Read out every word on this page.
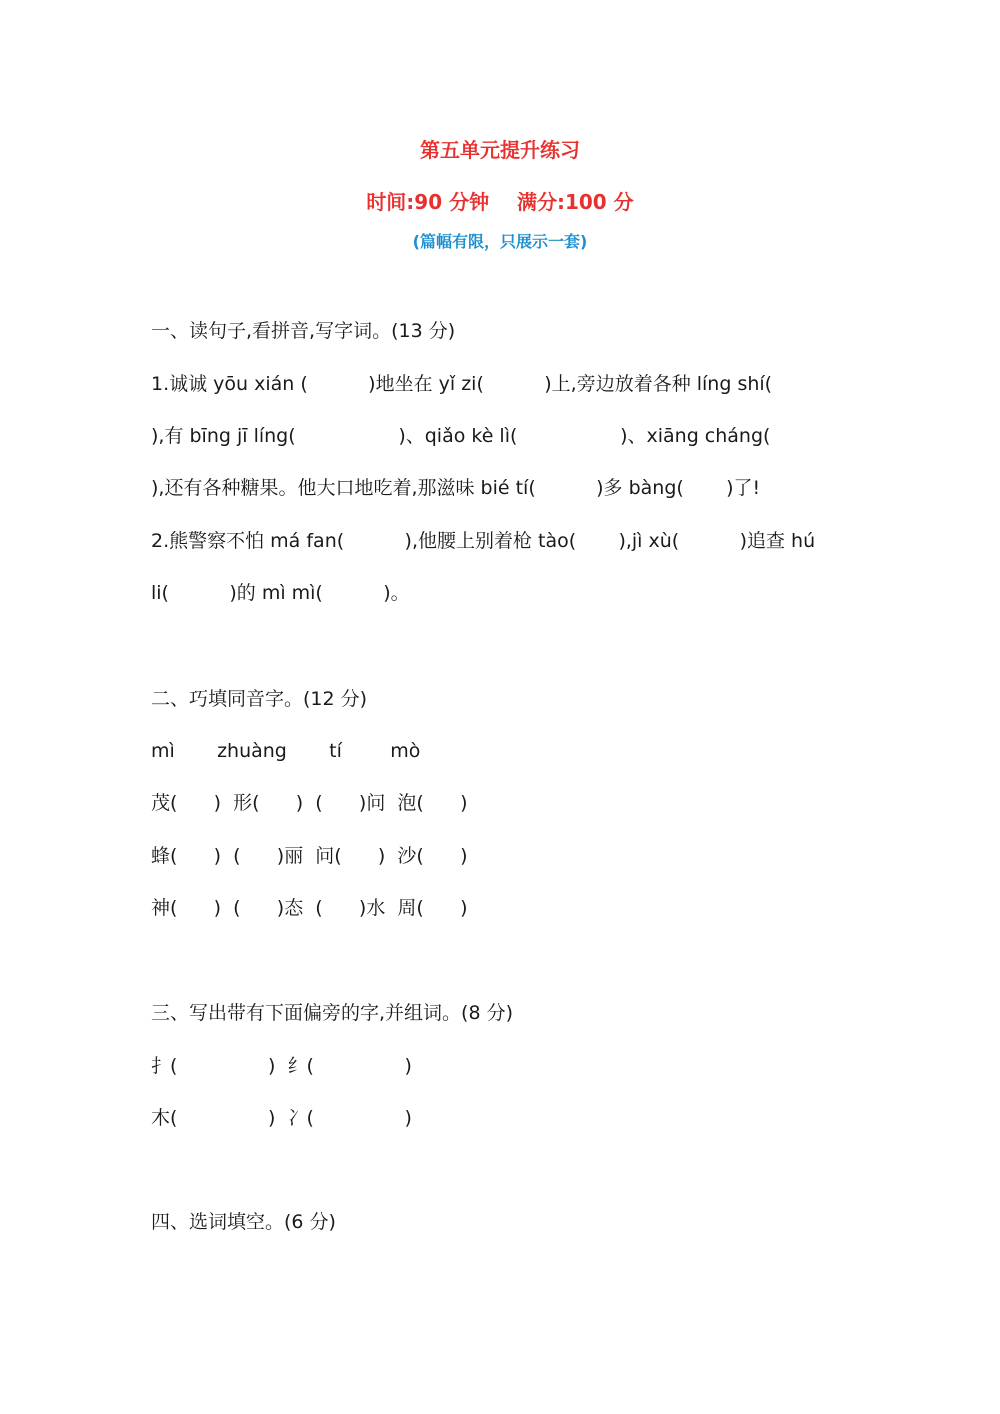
第五单元提升练习
时间:90 分钟    满分:100 分
(篇幅有限，只展示一套)
一、读句子,看拼音,写字词。(13 分)
1.诚诚 yōu xián (          )地坐在 yǐ zi(          )上,旁边放着各种 líng shí(
),有 bīng jī líng(                 )、qiǎo kè lì(                 )、xiāng cháng(
),还有各种糖果。他大口地吃着,那滋味 bié tí(          )多 bàng(       )了!
2.熊警察不怕 má fan(          ),他腰上别着枪 tào(       ),jì xù(          )追查 hú
li(          )的 mì mì(          )。
二、巧填同音字。(12 分)
mì       zhuàng       tí        mò
茂(      )  形(      )  (      )问  泡(      )
蜂(      )  (      )丽  问(      )  沙(      )
神(      )  (      )态  (      )水  周(      )
三、写出带有下面偏旁的字,并组词。(8 分)
扌(               )  纟(               )
木(               )  冫(               )
四、选词填空。(6 分)
